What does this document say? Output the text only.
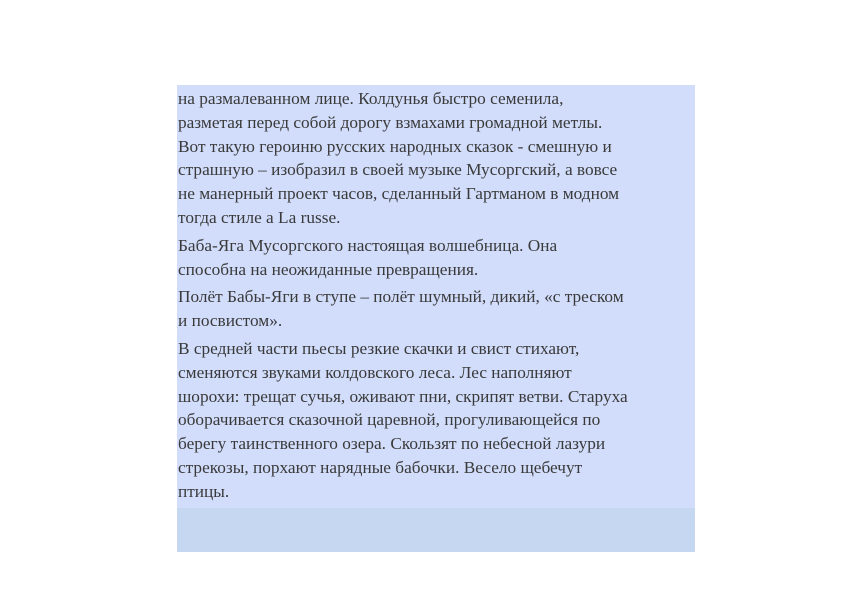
на размалеванном лице. Колдунья быстро семенила,
разметая перед собой дорогу взмахами громадной метлы.
Вот такую героиню русских народных сказок - смешную и
страшную – изобразил в своей музыке Мусоргский, а вовсе
не манерный проект часов, сделанный Гартманом в модном
тогда стиле a La russe.

Баба-Яга Мусоргского настоящая волшебница. Она
способна на неожиданные превращения.

Полёт Бабы-Яги в ступе – полёт шумный, дикий, «с треском
и посвистом».

В средней части пьесы резкие скачки и свист стихают,
сменяются звуками колдовского леса. Лес наполняют
шорохи: трещат сучья, оживают пни, скрипят ветви. Старуха
оборачивается сказочной царевной, прогуливающейся по
берегу таинственного озера. Скользят по небесной лазури
стрекозы, порхают нарядные бабочки. Весело щебечут
птицы.
